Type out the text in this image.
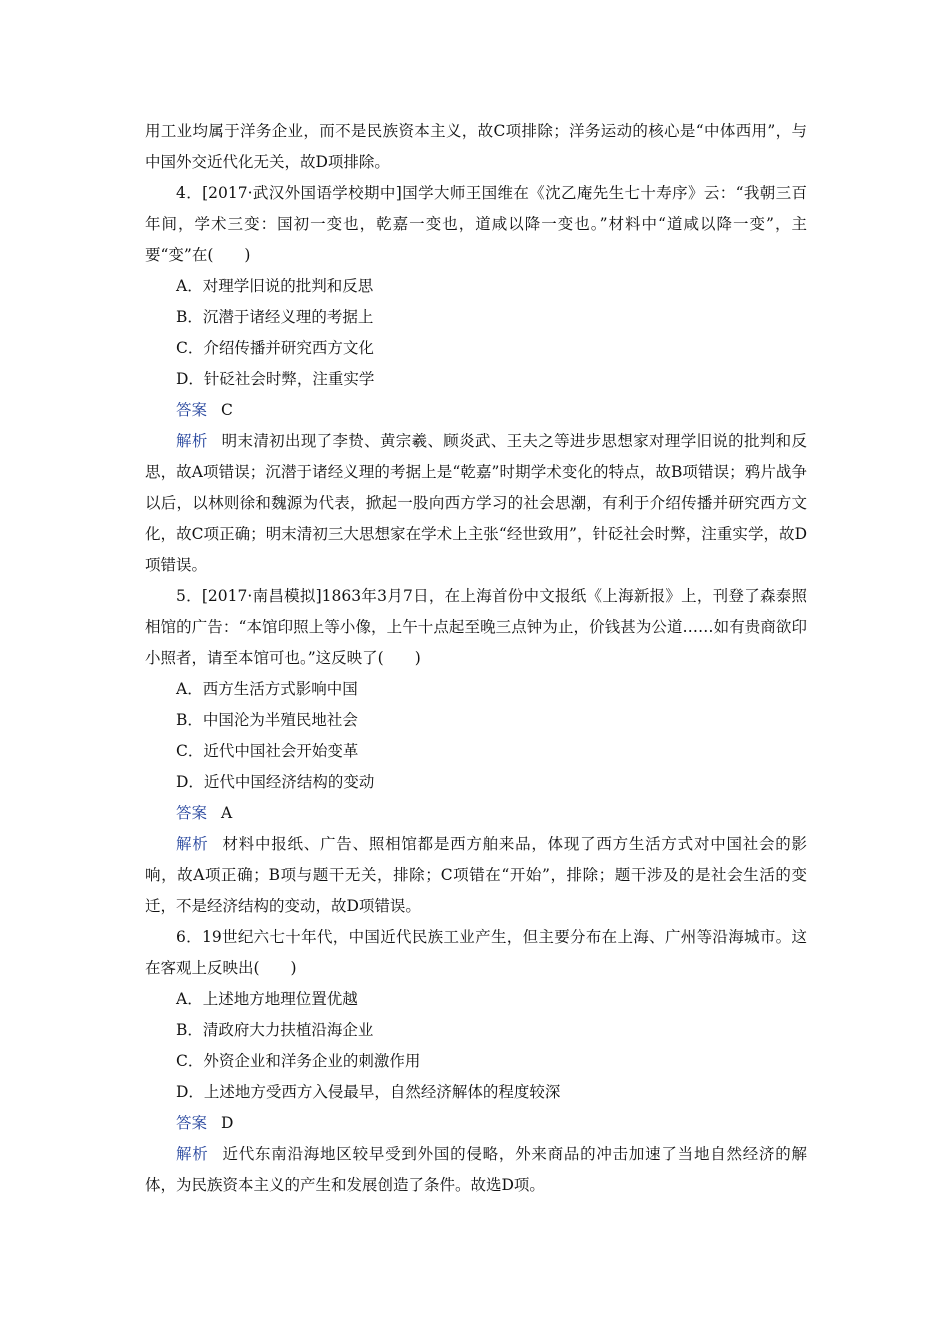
用工业均属于洋务企业，而不是民族资本主义，故C项排除；洋务运动的核心是“中体西用”，与中国外交近代化无关，故D项排除。

4．[2017·武汉外国语学校期中]国学大师王国维在《沈乙庵先生七十寿序》云：“我朝三百年间，学术三变：国初一变也，乾嘉一变也，道咸以降一变也。”材料中“道咸以降一变”，主要“变”在(　　)

A．对理学旧说的批判和反思

B．沉潜于诸经义理的考据上

C．介绍传播并研究西方文化

D．针砭社会时弊，注重实学

答案 C

解析 明末清初出现了李贽、黄宗羲、顾炎武、王夫之等进步思想家对理学旧说的批判和反思，故A项错误；沉潜于诸经义理的考据上是“乾嘉”时期学术变化的特点，故B项错误；鸦片战争以后，以林则徐和魏源为代表，掀起一股向西方学习的社会思潮，有利于介绍传播并研究西方文化，故C项正确；明末清初三大思想家在学术上主张“经世致用”，针砭社会时弊，注重实学，故D项错误。

5．[2017·南昌模拟]1863年3月7日，在上海首份中文报纸《上海新报》上，刊登了森泰照相馆的广告：“本馆印照上等小像，上午十点起至晚三点钟为止，价钱甚为公道……如有贵商欲印小照者，请至本馆可也。”这反映了(　　)

A．西方生活方式影响中国

B．中国沦为半殖民地社会

C．近代中国社会开始变革

D．近代中国经济结构的变动

答案 A

解析 材料中报纸、广告、照相馆都是西方舶来品，体现了西方生活方式对中国社会的影响，故A项正确；B项与题干无关，排除；C项错在“开始”，排除；题干涉及的是社会生活的变迁，不是经济结构的变动，故D项错误。

6．19世纪六七十年代，中国近代民族工业产生，但主要分布在上海、广州等沿海城市。这在客观上反映出(　　)

A．上述地方地理位置优越

B．清政府大力扶植沿海企业

C．外资企业和洋务企业的刺激作用

D．上述地方受西方入侵最早，自然经济解体的程度较深

答案 D

解析 近代东南沿海地区较早受到外国的侵略，外来商品的冲击加速了当地自然经济的解体，为民族资本主义的产生和发展创造了条件。故选D项。
